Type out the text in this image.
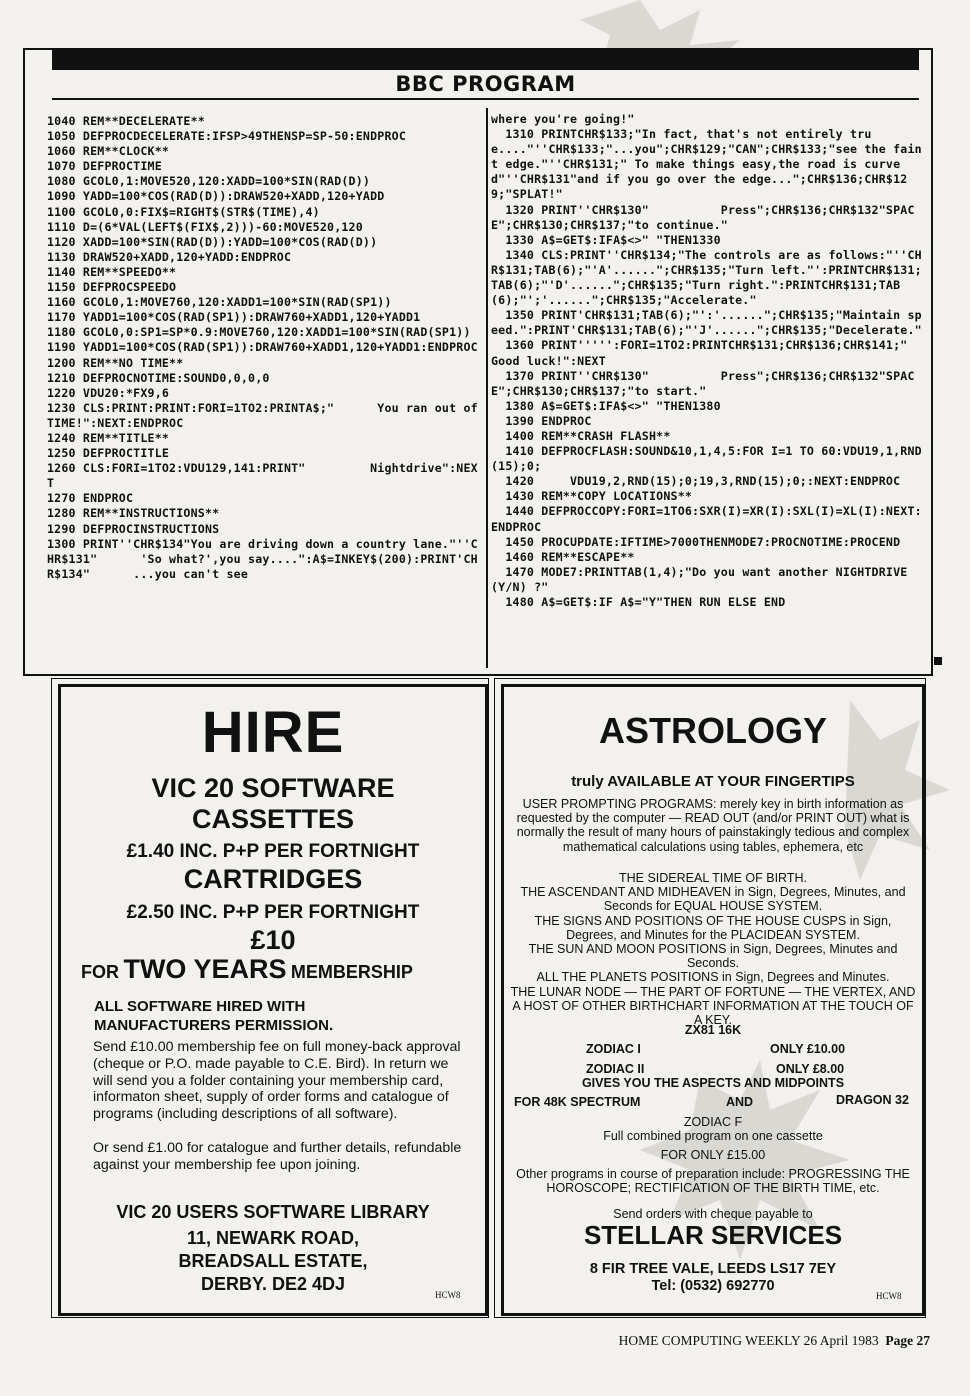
BBC PROGRAM
1040 REM**DECELERATE**
1050 DEFPROCDECELERATE:IFSP>49THENSP=SP-50:ENDPROC
1060 REM**CLOCK**
1070 DEFPROCTIME
1080 GCOL0,1:MOVE520,120:XADD=100*SIN(RAD(D))
1090 YADD=100*COS(RAD(D)):DRAW520+XADD,120+YADD
1100 GCOL0,0:FIX$=RIGHT$(STR$(TIME),4)
1110 D=(6*VAL(LEFT$(FIX$,2)))-60:MOVE520,120
1120 XADD=100*SIN(RAD(D)):YADD=100*COS(RAD(D))
1130 DRAW520+XADD,120+YADD:ENDPROC
1140 REM**SPEEDO**
1150 DEFPROCSPEEDO
1160 GCOL0,1:MOVE760,120:XADD1=100*SIN(RAD(SP1))
1170 YADD1=100*COS(RAD(SP1)):DRAW760+XADD1,120+YADD1
1180 GCOL0,0:SP1=SP*0.9:MOVE760,120:XADD1=100*SIN(RAD(SP1))
1190 YADD1=100*COS(RAD(SP1)):DRAW760+XADD1,120+YADD1:ENDPROC
1200 REM**NO TIME**
1210 DEFPROCNOTIME:SOUND0,0,0,0
1220 VDU20:*FX9,6
1230 CLS:PRINT:PRINT:FORI=1TO2:PRINTA$;"      You ran out of TIME!":NEXT:ENDPROC
1240 REM**TITLE**
1250 DEFPROCTITLE
1260 CLS:FORI=1TO2:VDU129,141:PRINT"         Nightdrive":NEXT
1270 ENDPROC
1280 REM**INSTRUCTIONS**
1290 DEFPROCINSTRUCTIONS
1300 PRINT''CHR$134"You are driving down a country lane."''CHR$131"      'So what?',you say....":A$=INKEY$(200):PRINT'CHR$134"      ...you can't see
where you're going!"
1310 PRINTCHR$133;"In fact, that's not entirely true...."''CHR$133;"...you";CHR$129;"CAN";CHR$133;"see the faint edge."''CHR$131;" To make things easy,the road is curved"''CHR$131"and if you go over the edge...";CHR$136;CHR$129;"SPLAT!"
1320 PRINT''CHR$130"          Press";CHR$136;CHR$132"SPACE";CHR$130;CHR$137;"to continue."
1330 A$=GET$:IFA$<>" "THEN1330
1340 CLS:PRINT''CHR$134;"The controls are as follows:"''CHR$131;TAB(6);"'A'......";CHR$135;"Turn left."':PRINTCHR$131;TAB(6);"'D'......";CHR$135;"Turn right.":PRINTCHR$131;TAB(6);"';'......";CHR$135;"Accelerate."
1350 PRINT'CHR$131;TAB(6);"':'......";CHR$135;"Maintain speed.":PRINT'CHR$131;TAB(6);"'J'......";CHR$135;"Decelerate."
1360 PRINT''''':FORI=1TO2:PRINTCHR$131;CHR$136;CHR$141;"      Good luck!":NEXT
1370 PRINT''CHR$130"          Press";CHR$136;CHR$132"SPACE";CHR$130;CHR$137;"to start."
1380 A$=GET$:IFA$<>" "THEN1380
1390 ENDPROC
1400 REM**CRASH FLASH**
1410 DEFPROCFLASH:SOUND&10,1,4,5:FOR I=1 TO 60:VDU19,1,RND(15);0;
1420     VDU19,2,RND(15);0;19,3,RND(15);0;:NEXT:ENDPROC
1430 REM**COPY LOCATIONS**
1440 DEFPROCCOPY:FORI=1TO6:SXR(I)=XR(I):SXL(I)=XL(I):NEXT:ENDPROC
1450 PROCUPDATE:IFTIME>7000THENMODE7:PROCNOTIME:PROCEND
1460 REM**ESCAPE**
1470 MODE7:PRINTTAB(1,4);"Do you want another NIGHTDRIVE (Y/N) ?"
1480 A$=GET$:IF A$="Y"THEN RUN ELSE END
HIRE
VIC 20 SOFTWARE
CASSETTES
£1.40 INC. P+P PER FORTNIGHT
CARTRIDGES
£2.50 INC. P+P PER FORTNIGHT
£10
FOR TWO YEARS MEMBERSHIP
ALL SOFTWARE HIRED WITH MANUFACTURERS PERMISSION.
Send £10.00 membership fee on full money-back approval (cheque or P.O. made payable to C.E. Bird). In return we will send you a folder containing your membership card, informaton sheet, supply of order forms and catalogue of programs (including descriptions of all software).
Or send £1.00 for catalogue and further details, refundable against your membership fee upon joining.
VIC 20 USERS SOFTWARE LIBRARY
11, NEWARK ROAD,
BREADSALL ESTATE,
DERBY. DE2 4DJ
HCW8
ASTROLOGY
truly AVAILABLE AT YOUR FINGERTIPS
USER PROMPTING PROGRAMS: merely key in birth information as requested by the computer — READ OUT (and/or PRINT OUT) what is normally the result of many hours of painstakingly tedious and complex mathematical calculations using tables, ephemera, etc
THE SIDEREAL TIME OF BIRTH.
THE ASCENDANT AND MIDHEAVEN in Sign, Degrees, Minutes, and Seconds for EQUAL HOUSE SYSTEM.
THE SIGNS AND POSITIONS OF THE HOUSE CUSPS in Sign, Degrees, and Minutes for the PLACIDEAN SYSTEM.
THE SUN AND MOON POSITIONS in Sign, Degrees, Minutes and Seconds.
ALL THE PLANETS POSITIONS in Sign, Degrees and Minutes.
THE LUNAR NODE — THE PART OF FORTUNE — THE VERTEX, AND A HOST OF OTHER BIRTHCHART INFORMATION AT THE TOUCH OF A KEY.
ZX81 16K
ZODIAC I	ONLY £10.00
ZODIAC II	ONLY £8.00
GIVES YOU THE ASPECTS AND MIDPOINTS
FOR 48K SPECTRUM	AND	DRAGON 32
ZODIAC F
Full combined program on one cassette
FOR ONLY £15.00
Other programs in course of preparation include: PROGRESSING THE HOROSCOPE; RECTIFICATION OF THE BIRTH TIME, etc.
Send orders with cheque payable to
STELLAR SERVICES
8 FIR TREE VALE, LEEDS LS17 7EY
Tel: (0532) 692770
HCW8
HOME COMPUTING WEEKLY 26 April 1983 Page 27
